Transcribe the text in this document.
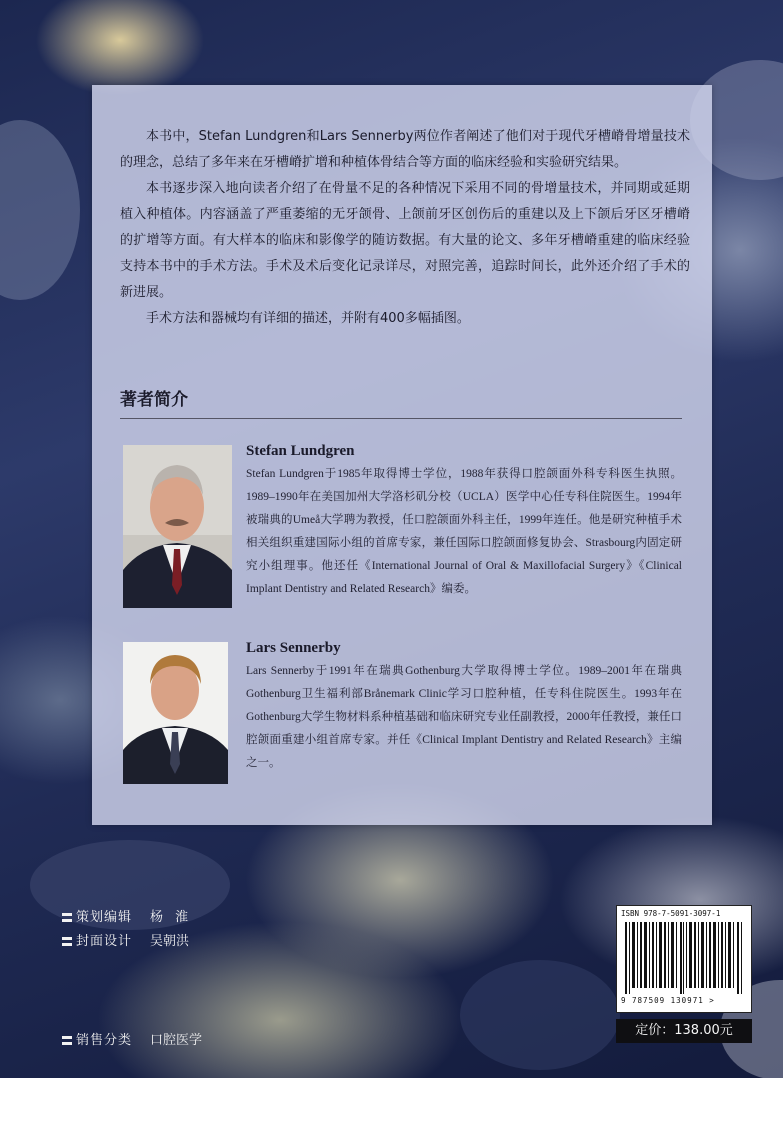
本书中，Stefan Lundgren和Lars Sennerby两位作者阐述了他们对于现代牙槽嵴骨增量技术的理念，总结了多年来在牙槽嵴扩增和种植体骨结合等方面的临床经验和实验研究结果。

本书逐步深入地向读者介绍了在骨量不足的各种情况下采用不同的骨增量技术，并同期或延期植入种植体。内容涵盖了严重萎缩的无牙颌骨、上颌前牙区创伤后的重建以及上下颌后牙区牙槽嵴的扩增等方面。有大样本的临床和影像学的随访数据。有大量的论文、多年牙槽嵴重建的临床经验支持本书中的手术方法。手术及术后变化记录详尽，对照完善，追踪时间长，此外还介绍了手术的新进展。

手术方法和器械均有详细的描述，并附有400多幅插图。

著者简介
Stefan Lundgren
Stefan Lundgren于1985年取得博士学位，1988年获得口腔颌面外科专科医生执照。1989–1990年在美国加州大学洛杉矶分校（UCLA）医学中心任专科住院医生。1994年被瑞典的Umeå大学聘为教授，任口腔颌面外科主任，1999年连任。他是研究种植手术相关组织重建国际小组的首席专家，兼任国际口腔颌面修复协会、Strasbourg内固定研究小组理事。他还任《International Journal of Oral & Maxillofacial Surgery》《Clinical Implant Dentistry and Related Research》编委。
Lars Sennerby
Lars Sennerby于1991年在瑞典Gothenburg大学取得博士学位。1989–2001年在瑞典Gothenburg卫生福利部Brånemark Clinic学习口腔种植，任专科住院医生。1993年在Gothenburg大学生物材料系种植基础和临床研究专业任副教授，2000年任教授，兼任口腔颌面重建小组首席专家。并任《Clinical Implant Dentistry and Related Research》主编之一。
策划编辑 杨 淮
封面设计 吴朝洪
销售分类 口腔医学
ISBN 978-7-5091-3097-1
9 787509 130971 >
定价：138.00元
